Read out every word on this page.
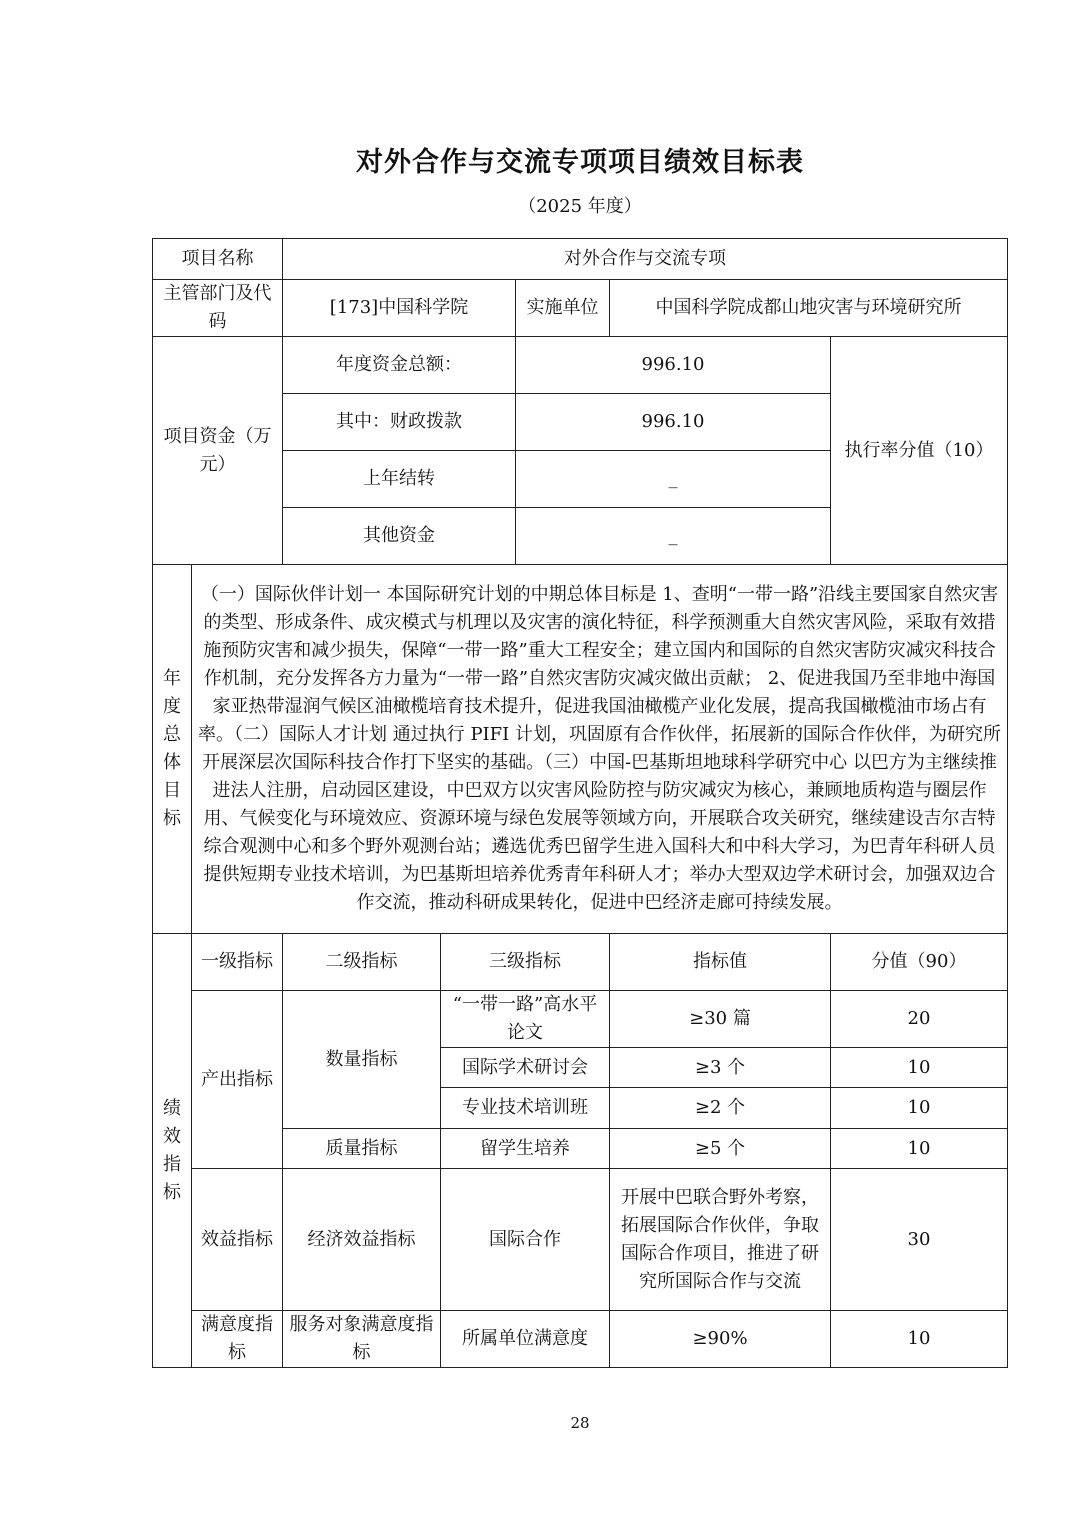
对外合作与交流专项项目绩效目标表
（2025 年度）
项目名称		对外合作与交流专项				
主管部门及代码		[173]中国科学院		实施单位	中国科学院成都山地灾害与环境研究所	
项目资金（万元）		年度资金总额：		996.10		执行率分值（10）
		其中：财政拨款		996.10		
		上年结转		_		
		其他资金		_		

年度总体目标	（一）国际伙伴计划一 本国际研究计划的中期总体目标是 1、查明“一带一路”沿线主要国家自然灾害的类型、形成条件、成灾模式与机理以及灾害的演化特征，科学预测重大自然灾害风险，采取有效措施预防灾害和减少损失，保障“一带一路”重大工程安全；建立国内和国际的自然灾害防灾减灾科技合作机制，充分发挥各方力量为“一带一路”自然灾害防灾减灾做出贡献； 2、促进我国乃至非地中海国家亚热带湿润气候区油橄榄培育技术提升，促进我国油橄榄产业化发展，提高我国橄榄油市场占有率。（二）国际人才计划 通过执行 PIFI 计划，巩固原有合作伙伴，拓展新的国际合作伙伴，为研究所开展深层次国际科技合作打下坚实的基础。（三）中国-巴基斯坦地球科学研究中心 以巴方为主继续推进法人注册，启动园区建设，中巴双方以灾害风险防控与防灾减灾为核心，兼顾地质构造与圈层作用、气候变化与环境效应、资源环境与绿色发展等领域方向，开展联合攻关研究，继续建设吉尔吉特综合观测中心和多个野外观测台站；遴选优秀巴留学生进入国科大和中科大学习，为巴青年科研人员提供短期专业技术培训，为巴基斯坦培养优秀青年科研人才；举办大型双边学术研讨会，加强双边合作交流，推动科研成果转化，促进中巴经济走廊可持续发展。					

绩效指标	一级指标	二级指标	三级指标		指标值	分值（90）
	产出指标	数量指标	“一带一路”高水平论文		≥30 篇	20
			国际学术研讨会		≥3 个	10
			专业技术培训班		≥2 个	10
		质量指标	留学生培养		≥5 个	10
	效益指标	经济效益指标	国际合作		开展中巴联合野外考察，拓展国际合作伙伴，争取国际合作项目，推进了研究所国际合作与交流	30
	满意度指标	服务对象满意度指标	所属单位满意度		≥90%	10
28
